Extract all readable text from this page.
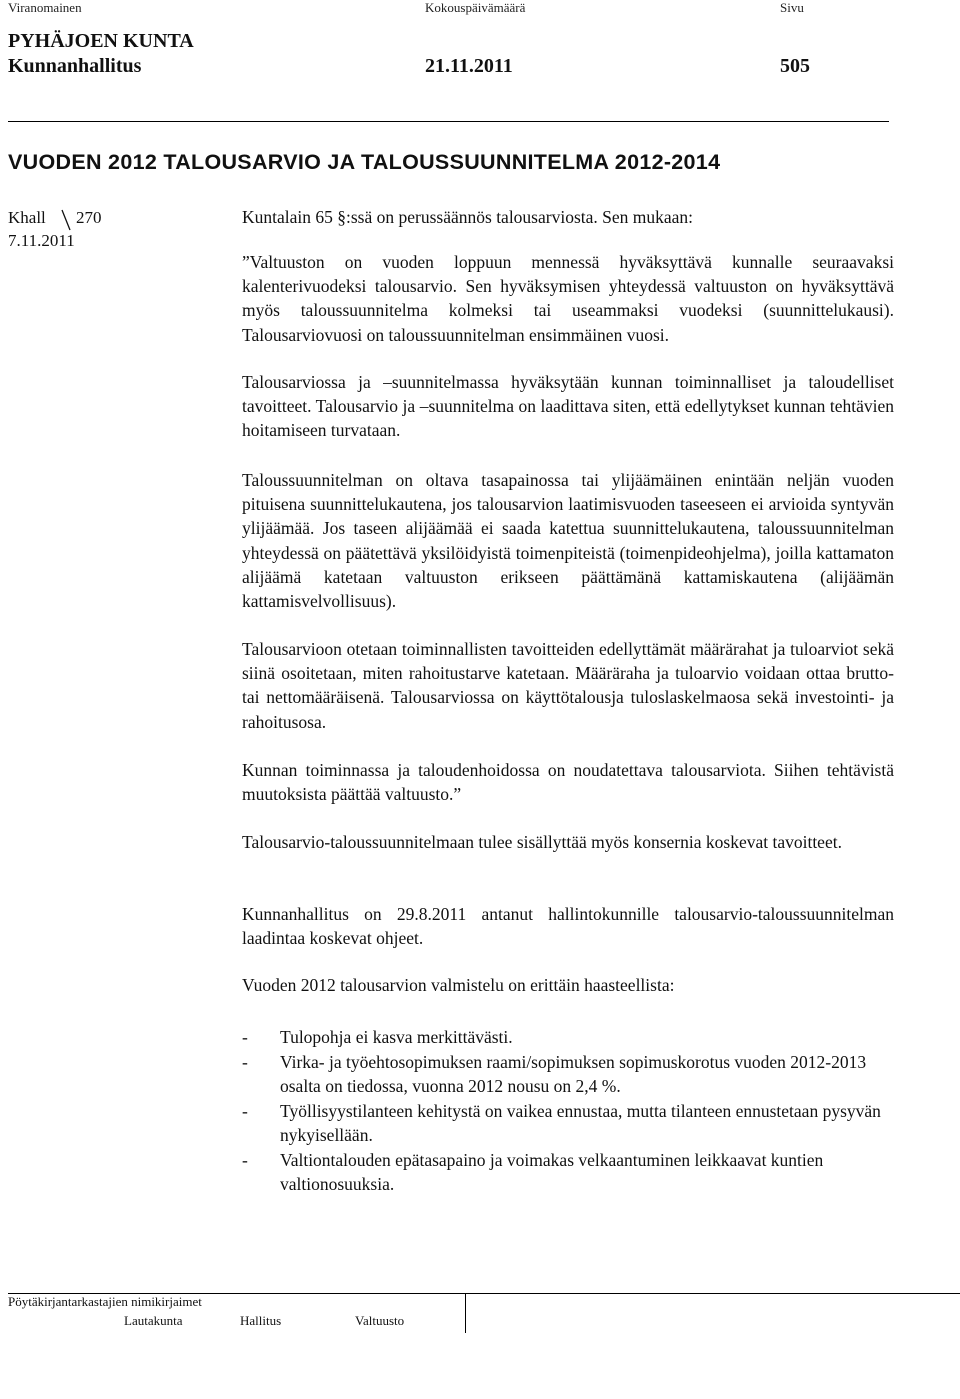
Viranomainen	Kokouspäivämäärä	Sivu
PYHÄJOEN KUNTA
Kunnanhallitus	21.11.2011	505
VUODEN 2012 TALOUSARVIO JA TALOUSSUUNNITELMA 2012-2014
Khall 270
7.11.2011
Kuntalain 65 §:ssä on perussäännös talousarviosta. Sen mukaan:
”Valtuuston on vuoden loppuun mennessä hyväksyttävä kunnalle seuraavaksi kalenterivuodeksi talousarvio. Sen hyväksymisen yhteydessä valtuuston on hyväksyttävä myös taloussuunnitelma kolmeksi tai useammaksi vuodeksi (suunnittelukausi). Talousarviovuosi on taloussuunnitelman ensimmäinen vuosi.
Talousarviossa ja –suunnitelmassa hyväksytään kunnan toiminnalliset ja taloudelliset tavoitteet. Talousarvio ja –suunnitelma on laadittava siten, että edellytykset kunnan tehtävien hoitamiseen turvataan.
Taloussuunnitelman on oltava tasapainossa tai ylijäämäinen enintään neljän vuoden pituisena suunnittelukautena, jos talousarvion laatimisvuoden taseeseen ei arvioida syntyvän ylijäämää. Jos taseen alijäämää ei saada katettua suunnittelukautena, taloussuunnitelman yhteydessä on päätettävä yksilöidyistä toimenpiteistä (toimenpideohjelma), joilla kattamaton alijäämä katetaan valtuuston erikseen päättämänä kattamiskautena (alijäämän kattamisvelvollisuus).
Talousarvioon otetaan toiminnallisten tavoitteiden edellyttämät määrärahat ja tuloarviot sekä siinä osoitetaan, miten rahoitustarve katetaan. Määräraha ja tuloarvio voidaan ottaa brutto- tai nettomääräisenä. Talousarviossa on käyttötalousja tuloslaskelmaosa sekä investointi- ja rahoitusosa.
Kunnan toiminnassa ja taloudenhoidossa on noudatettava talousarviota. Siihen tehtävistä muutoksista päättää valtuusto.”
Talousarvio-taloussuunnitelmaan tulee sisällyttää myös konsernia koskevat tavoitteet.
Kunnanhallitus on 29.8.2011 antanut hallintokunnille talousarvio-taloussuunnitelman laadintaa koskevat ohjeet.
Vuoden 2012 talousarvion valmistelu on erittäin haasteellista:
- Tulopohja ei kasva merkittävästi.
- Virka- ja työehtosopimuksen raami/sopimuksen sopimuskorotus vuoden 2012-2013 osalta on tiedossa, vuonna 2012 nousu on 2,4 %.
- Työllisyystilanteen kehitystä on vaikea ennustaa, mutta tilanteen ennustetaan pysyvän nykyisellään.
- Valtiontalouden epätasapaino ja voimakas velkaantuminen leikkaavat kuntien valtionosuuksia.
Pöytäkirjantarkastajien nimikirjaimet
Lautakunta	Hallitus	Valtuusto
